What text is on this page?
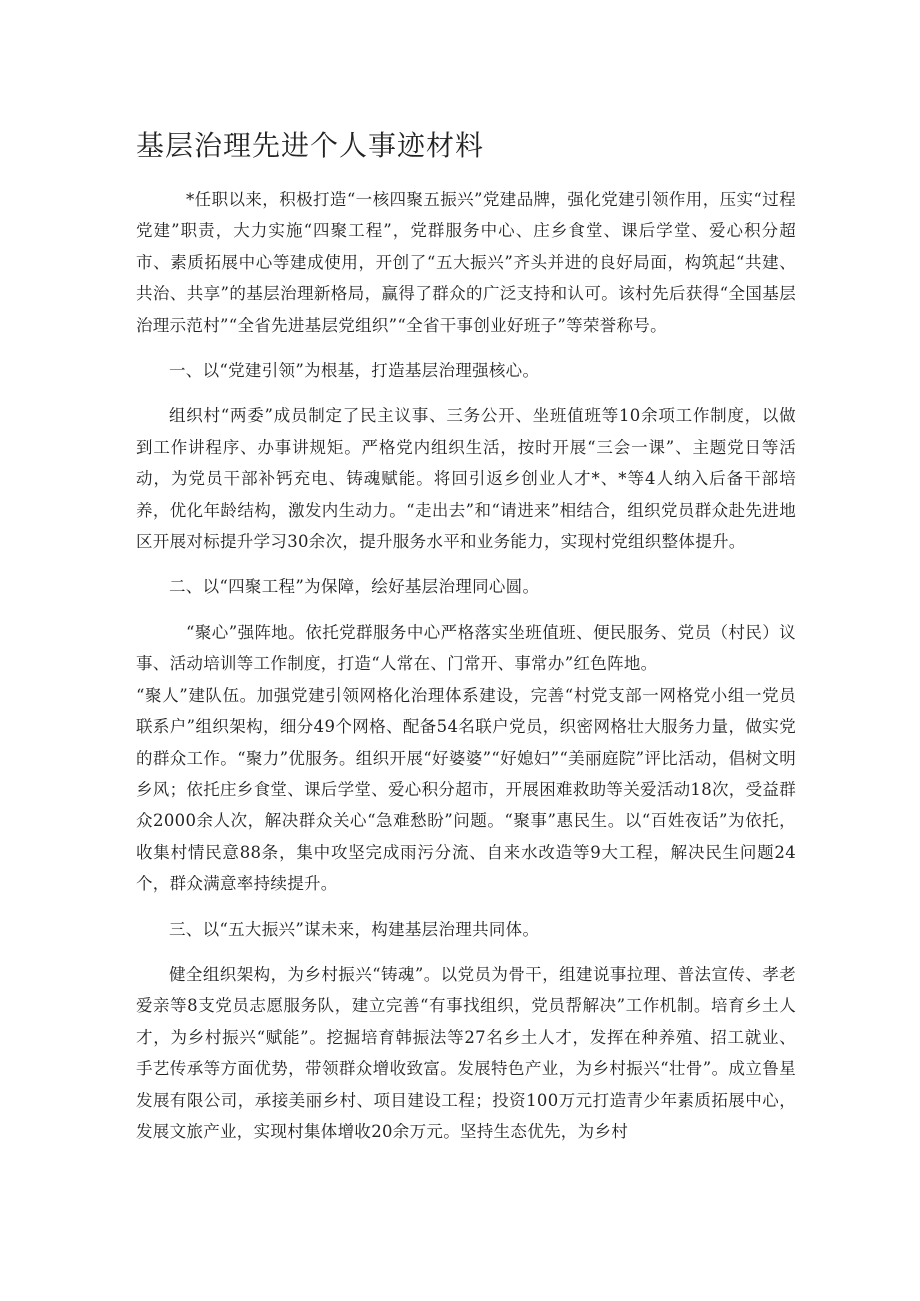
基层治理先进个人事迹材料

*任职以来，积极打造“一核四聚五振兴”党建品牌，强化党建引领作用，压实“过程党建”职责，大力实施“四聚工程”，党群服务中心、庄乡食堂、课后学堂、爱心积分超市、素质拓展中心等建成使用，开创了“五大振兴”齐头并进的良好局面，构筑起“共建、共治、共享”的基层治理新格局，赢得了群众的广泛支持和认可。该村先后获得“全国基层治理示范村”“全省先进基层党组织”“全省干事创业好班子”等荣誉称号。

一、以“党建引领”为根基，打造基层治理强核心。

组织村“两委”成员制定了民主议事、三务公开、坐班值班等10余项工作制度，以做到工作讲程序、办事讲规矩。严格党内组织生活，按时开展“三会一课”、主题党日等活动，为党员干部补钙充电、铸魂赋能。将回引返乡创业人才*、*等4人纳入后备干部培养，优化年龄结构，激发内生动力。“走出去”和“请进来”相结合，组织党员群众赴先进地区开展对标提升学习30余次，提升服务水平和业务能力，实现村党组织整体提升。

二、以“四聚工程”为保障，绘好基层治理同心圆。

“聚心”强阵地。依托党群服务中心严格落实坐班值班、便民服务、党员（村民）议事、活动培训等工作制度，打造“人常在、门常开、事常办”红色阵地。

“聚人”建队伍。加强党建引领网格化治理体系建设，完善“村党支部一网格党小组一党员联系户”组织架构，细分49个网格、配备54名联户党员，织密网格壮大服务力量，做实党的群众工作。“聚力”优服务。组织开展“好婆婆”“好媳妇”“美丽庭院”评比活动，倡树文明乡风；依托庄乡食堂、课后学堂、爱心积分超市，开展困难救助等关爱活动18次，受益群众2000余人次，解决群众关心“急难愁盼”问题。“聚事”惠民生。以“百姓夜话”为依托，收集村情民意88条，集中攻坚完成雨污分流、自来水改造等9大工程，解决民生问题24个，群众满意率持续提升。

三、以“五大振兴”谋未来，构建基层治理共同体。

健全组织架构，为乡村振兴“铸魂”。以党员为骨干，组建说事拉理、普法宣传、孝老爱亲等8支党员志愿服务队，建立完善“有事找组织，党员帮解决”工作机制。培育乡土人才，为乡村振兴“赋能”。挖掘培育韩振法等27名乡土人才，发挥在种养殖、招工就业、手艺传承等方面优势，带领群众增收致富。发展特色产业，为乡村振兴“壮骨”。成立鲁星发展有限公司，承接美丽乡村、项目建设工程；投资100万元打造青少年素质拓展中心，发展文旅产业，实现村集体增收20余万元。坚持生态优先，为乡村
